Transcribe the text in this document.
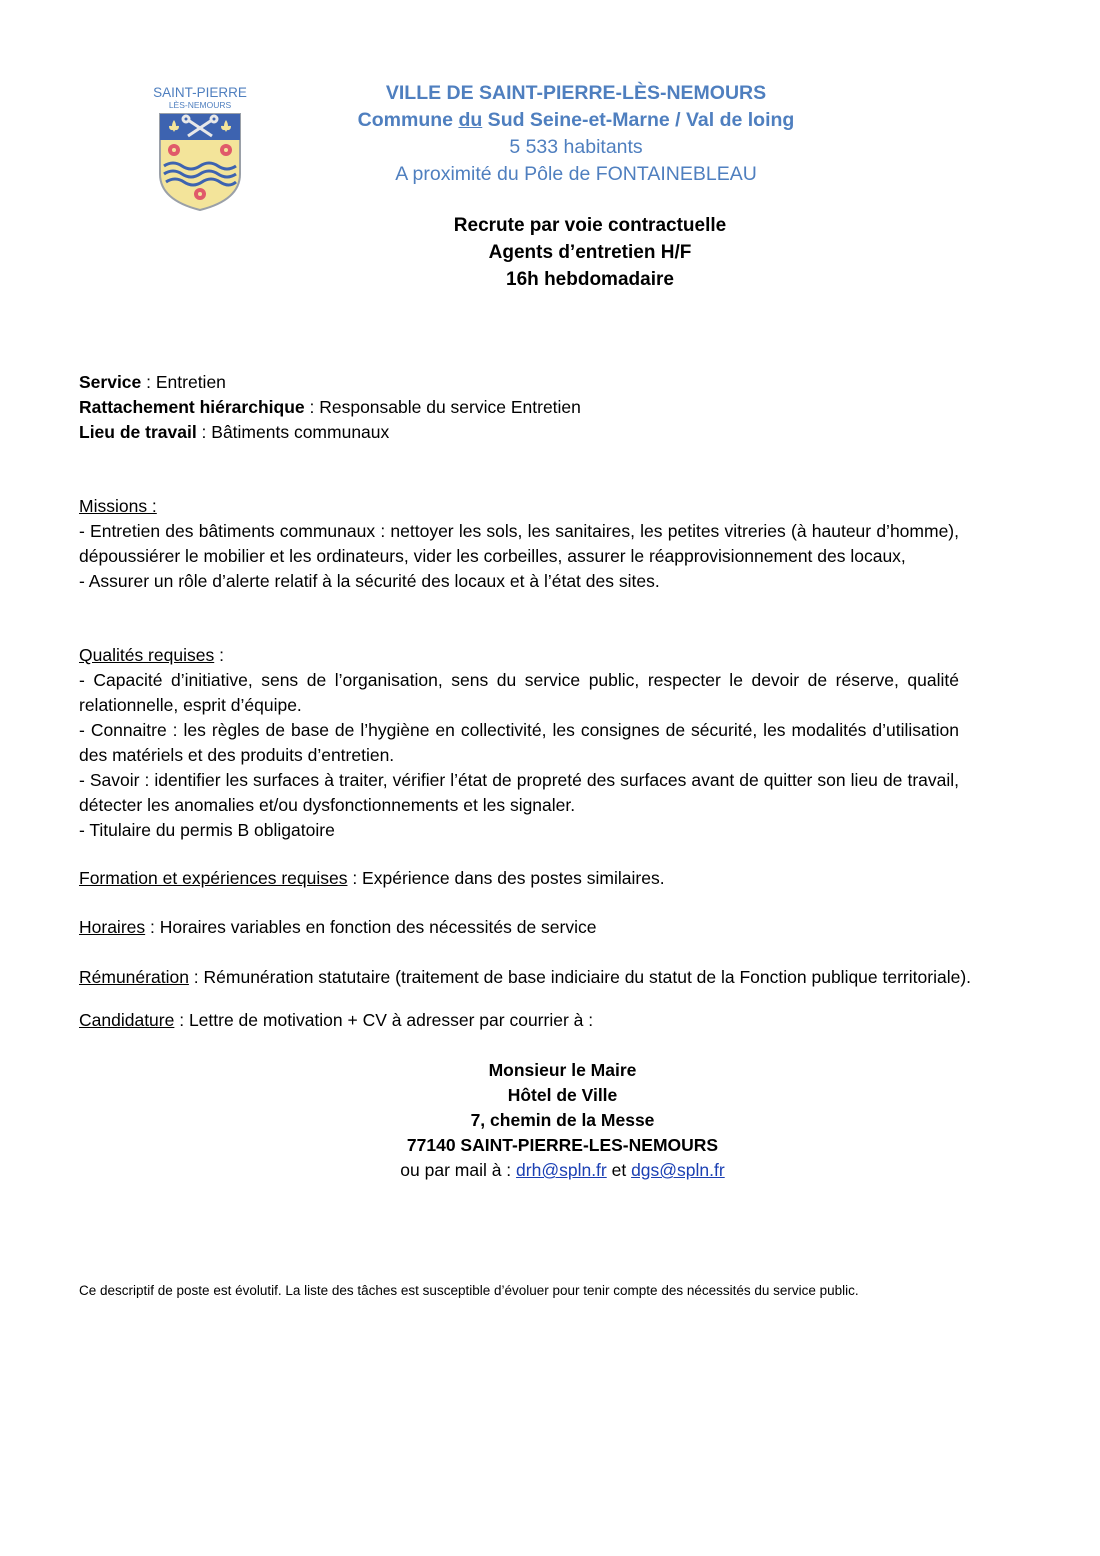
SAINT-PIERRE
LÈS-NEMOURS
VILLE DE SAINT-PIERRE-LÈS-NEMOURS
Commune du Sud Seine-et-Marne / Val de loing
5 533 habitants
A proximité du Pôle de FONTAINEBLEAU
Recrute par voie contractuelle
Agents d’entretien H/F
16h hebdomadaire

Service : Entretien

Rattachement hiérarchique : Responsable du service Entretien

Lieu de travail : Bâtiments communaux

Missions :

- Entretien des bâtiments communaux : nettoyer les sols, les sanitaires, les petites vitreries (à hauteur d’homme), dépoussiérer le mobilier et les ordinateurs, vider les corbeilles, assurer le réapprovisionnement des locaux,

- Assurer un rôle d’alerte relatif à la sécurité des locaux et à l’état des sites.

Qualités requises :

- Capacité d’initiative, sens de l’organisation, sens du service public, respecter le devoir de réserve, qualité relationnelle, esprit d’équipe.

- Connaitre : les règles de base de l’hygiène en collectivité, les consignes de sécurité, les modalités d’utilisation des matériels et des produits d’entretien.

- Savoir : identifier les surfaces à traiter, vérifier l’état de propreté des surfaces avant de quitter son lieu de travail, détecter les anomalies et/ou dysfonctionnements et les signaler.

- Titulaire du permis B obligatoire

Formation et expériences requises : Expérience dans des postes similaires.
Horaires : Horaires variables en fonction des nécessités de service
Rémunération : Rémunération statutaire (traitement de base indiciaire du statut de la Fonction publique territoriale).
Candidature : Lettre de motivation + CV à adresser par courrier à :
Monsieur le Maire
Hôtel de Ville
7, chemin de la Messe
77140 SAINT-PIERRE-LES-NEMOURS
ou par mail à : drh@spln.fr et dgs@spln.fr
Ce descriptif de poste est évolutif. La liste des tâches est susceptible d’évoluer pour tenir compte des nécessités du service public.
